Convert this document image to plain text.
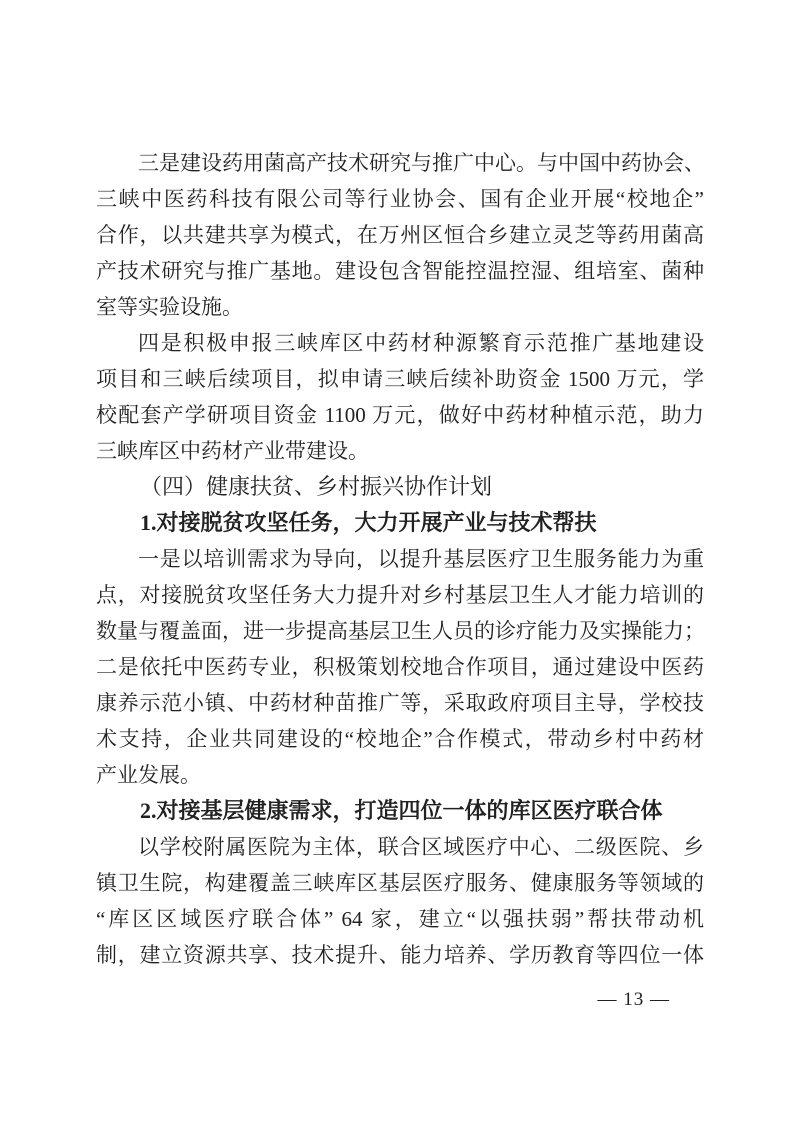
三是建设药用菌高产技术研究与推广中心。与中国中药协会、
三峡中医药科技有限公司等行业协会、国有企业开展“校地企”
合作，以共建共享为模式，在万州区恒合乡建立灵芝等药用菌高
产技术研究与推广基地。建设包含智能控温控湿、组培室、菌种
室等实验设施。
四是积极申报三峡库区中药材种源繁育示范推广基地建设
项目和三峡后续项目，拟申请三峡后续补助资金 1500 万元，学
校配套产学研项目资金 1100 万元，做好中药材种植示范，助力
三峡库区中药材产业带建设。
（四）健康扶贫、乡村振兴协作计划
1.对接脱贫攻坚任务，大力开展产业与技术帮扶
一是以培训需求为导向，以提升基层医疗卫生服务能力为重
点，对接脱贫攻坚任务大力提升对乡村基层卫生人才能力培训的
数量与覆盖面，进一步提高基层卫生人员的诊疗能力及实操能力；
二是依托中医药专业，积极策划校地合作项目，通过建设中医药
康养示范小镇、中药材种苗推广等，采取政府项目主导，学校技
术支持，企业共同建设的“校地企”合作模式，带动乡村中药材
产业发展。
2.对接基层健康需求，打造四位一体的库区医疗联合体
以学校附属医院为主体，联合区域医疗中心、二级医院、乡
镇卫生院，构建覆盖三峡库区基层医疗服务、健康服务等领域的
“库区区域医疗联合体” 64 家，建立“以强扶弱”帮扶带动机
制，建立资源共享、技术提升、能力培养、学历教育等四位一体
— 13 —
